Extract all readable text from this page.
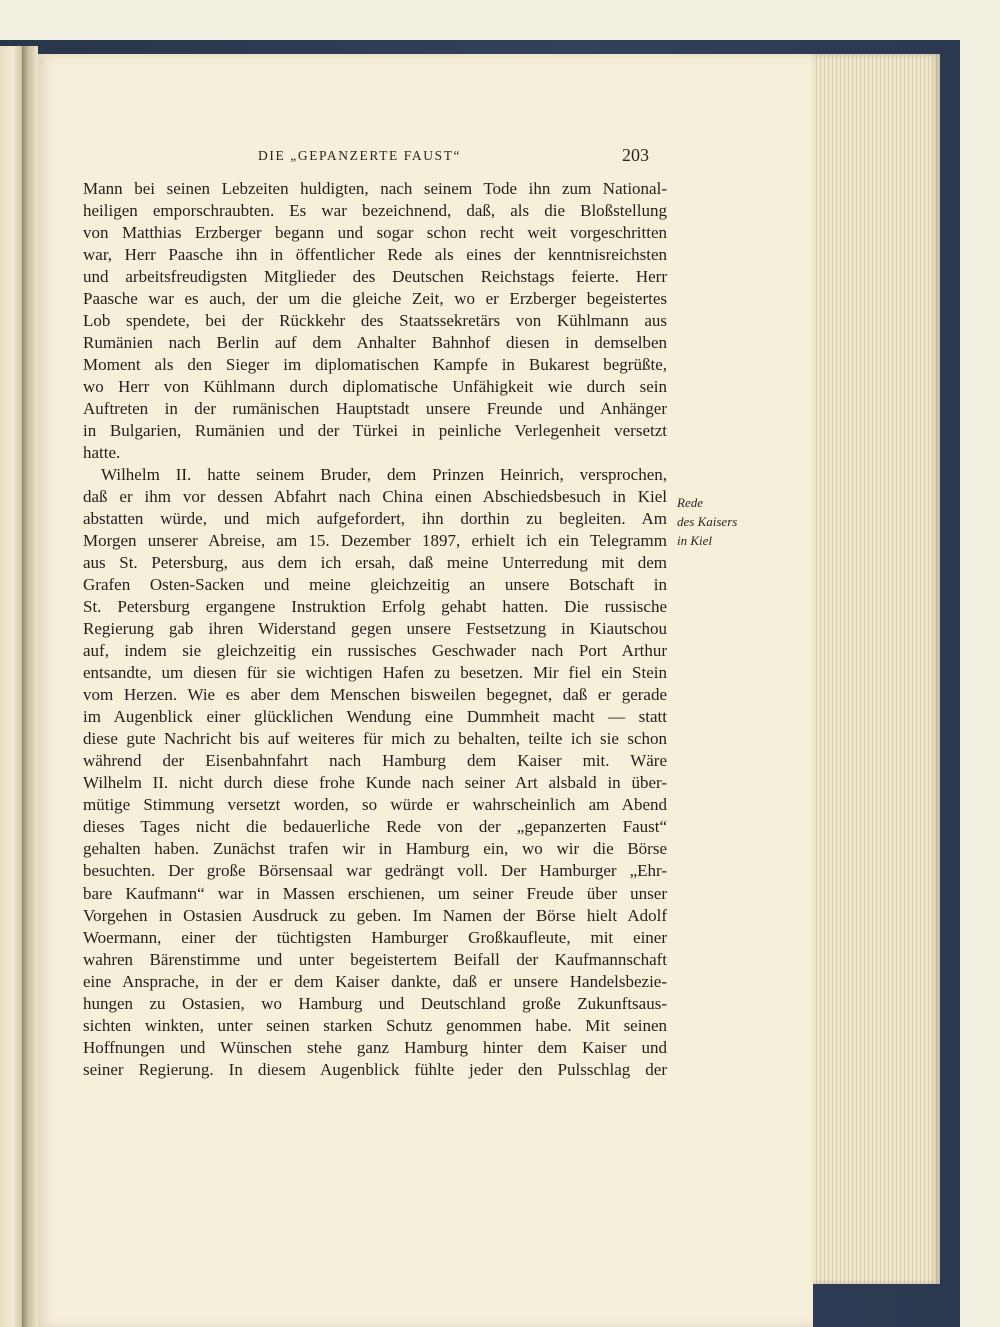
DIE „GEPANZERTE FAUST“	203
Mann bei seinen Lebzeiten huldigten, nach seinem Tode ihn zum National-
heiligen emporschraubten. Es war bezeichnend, daß, als die Bloßstellung
von Matthias Erzberger begann und sogar schon recht weit vorgeschritten
war, Herr Paasche ihn in öffentlicher Rede als eines der kenntnisreichsten
und arbeitsfreudigsten Mitglieder des Deutschen Reichstags feierte. Herr
Paasche war es auch, der um die gleiche Zeit, wo er Erzberger begeistertes
Lob spendete, bei der Rückkehr des Staatssekretärs von Kühlmann aus
Rumänien nach Berlin auf dem Anhalter Bahnhof diesen in demselben
Moment als den Sieger im diplomatischen Kampfe in Bukarest begrüßte,
wo Herr von Kühlmann durch diplomatische Unfähigkeit wie durch sein
Auftreten in der rumänischen Hauptstadt unsere Freunde und Anhänger
in Bulgarien, Rumänien und der Türkei in peinliche Verlegenheit versetzt
hatte.
Wilhelm II. hatte seinem Bruder, dem Prinzen Heinrich, versprochen,
daß er ihm vor dessen Abfahrt nach China einen Abschiedsbesuch in Kiel
abstatten würde, und mich aufgefordert, ihn dorthin zu begleiten. Am
Morgen unserer Abreise, am 15. Dezember 1897, erhielt ich ein Telegramm
aus St. Petersburg, aus dem ich ersah, daß meine Unterredung mit dem
Grafen Osten-Sacken und meine gleichzeitig an unsere Botschaft in
St. Petersburg ergangene Instruktion Erfolg gehabt hatten. Die russische
Regierung gab ihren Widerstand gegen unsere Festsetzung in Kiautschou
auf, indem sie gleichzeitig ein russisches Geschwader nach Port Arthur
entsandte, um diesen für sie wichtigen Hafen zu besetzen. Mir fiel ein Stein
vom Herzen. Wie es aber dem Menschen bisweilen begegnet, daß er gerade
im Augenblick einer glücklichen Wendung eine Dummheit macht — statt
diese gute Nachricht bis auf weiteres für mich zu behalten, teilte ich sie schon
während der Eisenbahnfahrt nach Hamburg dem Kaiser mit. Wäre
Wilhelm II. nicht durch diese frohe Kunde nach seiner Art alsbald in über-
mütige Stimmung versetzt worden, so würde er wahrscheinlich am Abend
dieses Tages nicht die bedauerliche Rede von der „gepanzerten Faust“
gehalten haben. Zunächst trafen wir in Hamburg ein, wo wir die Börse
besuchten. Der große Börsensaal war gedrängt voll. Der Hamburger „Ehr-
bare Kaufmann“ war in Massen erschienen, um seiner Freude über unser
Vorgehen in Ostasien Ausdruck zu geben. Im Namen der Börse hielt Adolf
Woermann, einer der tüchtigsten Hamburger Großkaufleute, mit einer
wahren Bärenstimme und unter begeistertem Beifall der Kaufmannschaft
eine Ansprache, in der er dem Kaiser dankte, daß er unsere Handelsbezie-
hungen zu Ostasien, wo Hamburg und Deutschland große Zukunftsaus-
sichten winkten, unter seinen starken Schutz genommen habe. Mit seinen
Hoffnungen und Wünschen stehe ganz Hamburg hinter dem Kaiser und
seiner Regierung. In diesem Augenblick fühlte jeder den Pulsschlag der
Rede
des Kaisers
in Kiel
